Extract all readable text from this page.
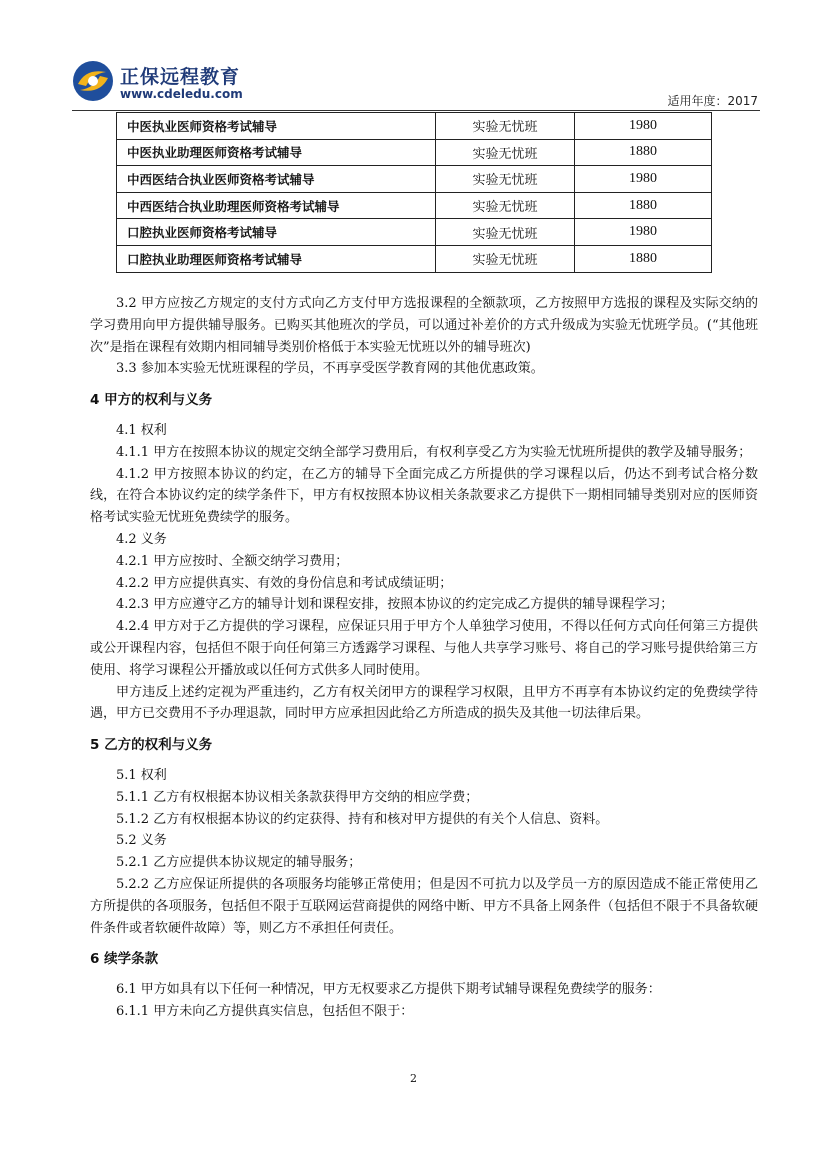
正保远程教育
www.cdeledu.com	适用年度：2017
中医执业医师资格考试辅导	实验无忧班	1980
中医执业助理医师资格考试辅导	实验无忧班	1880
中西医结合执业医师资格考试辅导	实验无忧班	1980
中西医结合执业助理医师资格考试辅导	实验无忧班	1880
口腔执业医师资格考试辅导	实验无忧班	1980
口腔执业助理医师资格考试辅导	实验无忧班	1880

3.2 甲方应按乙方规定的支付方式向乙方支付甲方选报课程的全额款项，乙方按照甲方选报的课程及实际交纳的学习费用向甲方提供辅导服务。已购买其他班次的学员，可以通过补差价的方式升级成为实验无忧班学员。(“其他班次”是指在课程有效期内相同辅导类别价格低于本实验无忧班以外的辅导班次)

3.3 参加本实验无忧班课程的学员，不再享受医学教育网的其他优惠政策。

4 甲方的权利与义务

4.1 权利

4.1.1 甲方在按照本协议的规定交纳全部学习费用后，有权利享受乙方为实验无忧班所提供的教学及辅导服务；

4.1.2 甲方按照本协议的约定，在乙方的辅导下全面完成乙方所提供的学习课程以后，仍达不到考试合格分数线，在符合本协议约定的续学条件下，甲方有权按照本协议相关条款要求乙方提供下一期相同辅导类别对应的医师资格考试实验无忧班免费续学的服务。

4.2 义务

4.2.1 甲方应按时、全额交纳学习费用；

4.2.2 甲方应提供真实、有效的身份信息和考试成绩证明；

4.2.3 甲方应遵守乙方的辅导计划和课程安排，按照本协议的约定完成乙方提供的辅导课程学习；

4.2.4 甲方对于乙方提供的学习课程，应保证只用于甲方个人单独学习使用，不得以任何方式向任何第三方提供或公开课程内容，包括但不限于向任何第三方透露学习课程、与他人共享学习账号、将自己的学习账号提供给第三方使用、将学习课程公开播放或以任何方式供多人同时使用。

甲方违反上述约定视为严重违约，乙方有权关闭甲方的课程学习权限，且甲方不再享有本协议约定的免费续学待遇，甲方已交费用不予办理退款，同时甲方应承担因此给乙方所造成的损失及其他一切法律后果。

5 乙方的权利与义务

5.1 权利

5.1.1 乙方有权根据本协议相关条款获得甲方交纳的相应学费；

5.1.2 乙方有权根据本协议的约定获得、持有和核对甲方提供的有关个人信息、资料。

5.2 义务

5.2.1 乙方应提供本协议规定的辅导服务；

5.2.2 乙方应保证所提供的各项服务均能够正常使用；但是因不可抗力以及学员一方的原因造成不能正常使用乙方所提供的各项服务，包括但不限于互联网运营商提供的网络中断、甲方不具备上网条件（包括但不限于不具备软硬件条件或者软硬件故障）等，则乙方不承担任何责任。

6 续学条款

6.1 甲方如具有以下任何一种情况，甲方无权要求乙方提供下期考试辅导课程免费续学的服务：

6.1.1 甲方未向乙方提供真实信息，包括但不限于：

2
